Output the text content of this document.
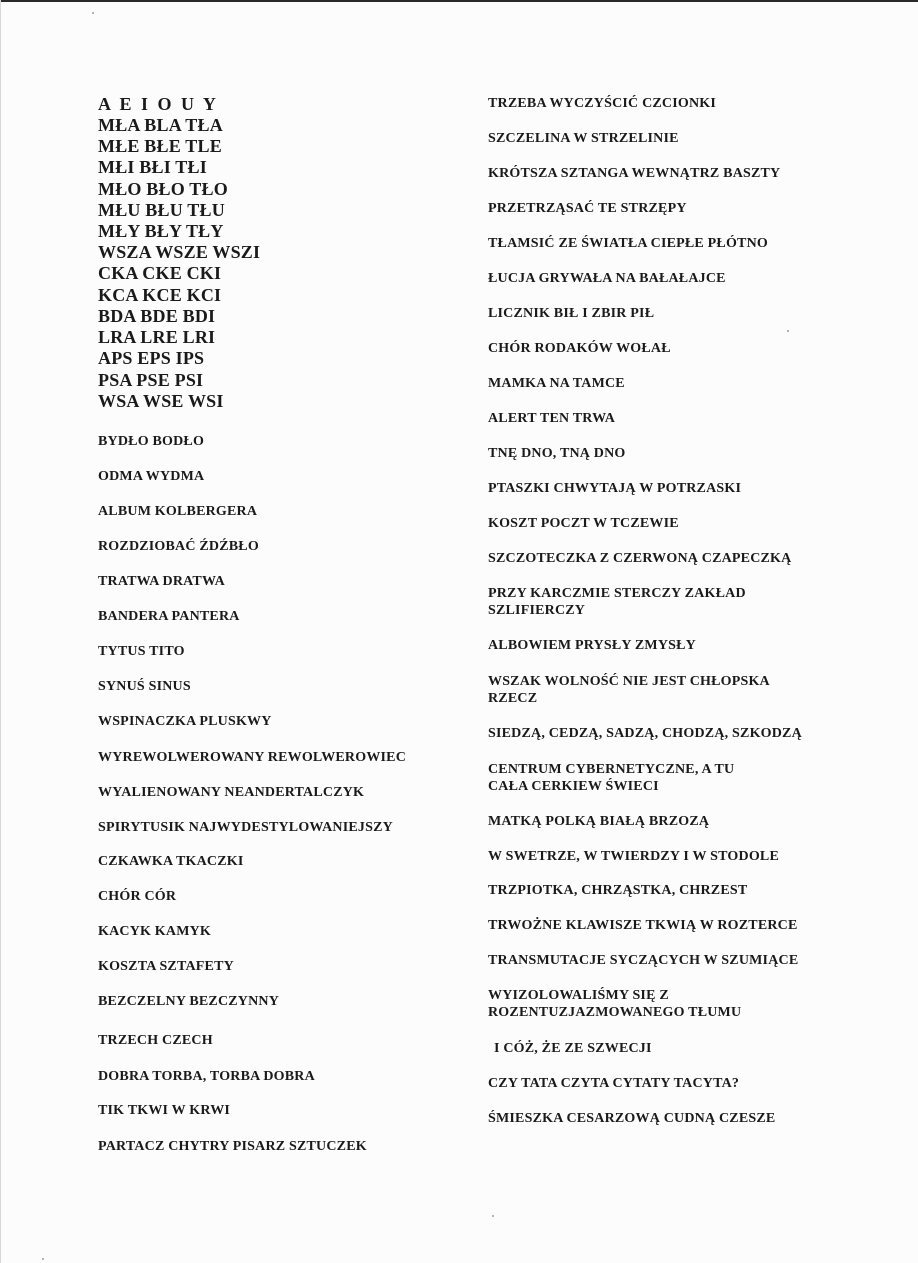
A E I O U Y
MŁA BLA TŁA
MŁE BŁE TLE
MŁI BŁI TŁI
MŁO BŁO TŁO
MŁU BŁU TŁU
MŁY BŁY TŁY
WSZA WSZE WSZI
CKA CKE CKI
KCA KCE KCI
BDA BDE BDI
LRA LRE LRI
APS EPS IPS
PSA PSE PSI
WSA WSE WSI
BYDŁO BODŁO
ODMA WYDMA
ALBUM KOLBERGERA
ROZDZIOBAĆ ŹDŹBŁO
TRATWA DRATWA
BANDERA PANTERA
TYTUS TITO
SYNUŚ SINUS
WSPINACZKA PLUSKWY
WYREWOLWEROWANY REWOLWEROWIEC
WYALIENOWANY NEANDERTALCZYK
SPIRYTUSIK NAJWYDESTYLOWANIEJSZY
CZKAWKA TKACZKI
CHÓR CÓR
KACYK KAMYK
KOSZTA SZTAFETY
BEZCZELNY BEZCZYNNY
TRZECH CZECH
DOBRA TORBA, TORBA DOBRA
TIK TKWI W KRWI
PARTACZ CHYTRY PISARZ SZTUCZEK
TRZEBA WYCZYŚCIĆ CZCIONKI
SZCZELINA W STRZELINIE
KRÓTSZA SZTANGA WEWNĄTRZ BASZTY
PRZETRZĄSAĆ TE STRZĘPY
TŁAMSIĆ ZE ŚWIATŁA CIEPŁE PŁÓTNO
ŁUCJA GRYWAŁA NA BAŁAŁAJCE
LICZNIK BIŁ I ZBIR PIŁ
CHÓR RODAKÓW WOŁAŁ
MAMKA NA TAMCE
ALERT TEN TRWA
TNĘ DNO, TNĄ DNO
PTASZKI CHWYTAJĄ W POTRZASKI
KOSZT POCZT W TCZEWIE
SZCZOTECZKA Z CZERWONĄ CZAPECZKĄ
PRZY KARCZMIE STERCZY ZAKŁAD SZLIFIERCZY
ALBOWIEM PRYSŁY ZMYSŁY
WSZAK WOLNOŚĆ NIE JEST CHŁOPSKA RZECZ
SIEDZĄ, CEDZĄ, SADZĄ, CHODZĄ, SZKODZĄ
CENTRUM CYBERNETYCZNE, A TU CAŁA CERKIEW ŚWIECI
MATKĄ POLKĄ BIAŁĄ BRZOZĄ
W SWETRZE, W TWIERDZY I W STODOLE
TRZPIOTKA, CHRZĄSTKA, CHRZEST
TRWOŻNE KLAWISZE TKWIĄ W ROZTERCE
TRANSMUTACJE SYCZĄCYCH W SZUMIĄCE
WYIZOLOWALIŚMY SIĘ Z ROZENTUZJAZMOWANEGO TŁUMU
I CÓŻ, ŻE ZE SZWECJI
CZY TATA CZYTA CYTATY TACYTA?
ŚMIESZKA CESARZOWĄ CUDNĄ CZESZE
